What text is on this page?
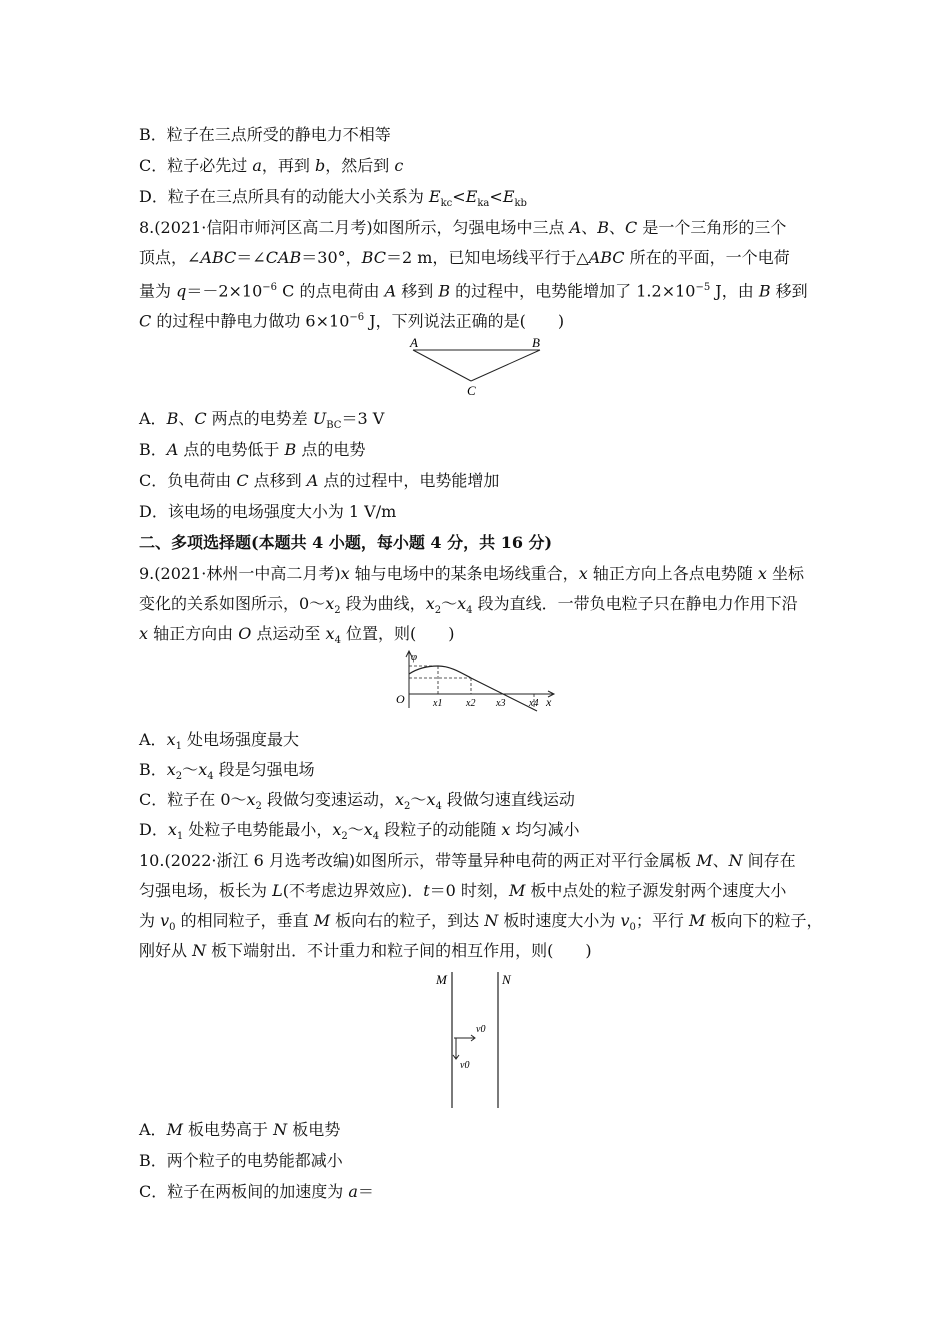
B．粒子在三点所受的静电力不相等
C．粒子必先过 a，再到 b，然后到 c
D．粒子在三点所具有的动能大小关系为 $E_{kc}<E_{ka}<E_{kb}$
8.(2021·信阳市师河区高二月考)如图所示，匀强电场中三点 A、B、C 是一个三角形的三个
顶点，∠ABC＝∠CAB＝30°，BC＝2 m，已知电场线平行于△ABC 所在的平面，一个电荷
量为 $q=-2\times 10^{-6}$ C 的点电荷由 A 移到 B 的过程中，电势能增加了 $1.2\times 10^{-5}$ J，由 B 移到
C 的过程中静电力做功 $6\times 10^{-6}$ J，下列说法正确的是(　　)
A	B
C
A．B、C 两点的电势差 $U_{BC}=3$ V
B．A 点的电势低于 B 点的电势
C．负电荷由 C 点移到 A 点的过程中，电势能增加
D．该电场的电场强度大小为 1 V/m
二、多项选择题(本题共 4 小题，每小题 4 分，共 16 分)
9.(2021·林州一中高二月考)x 轴与电场中的某条电场线重合，x 轴正方向上各点电势随 x 坐标
变化的关系如图所示，$0\sim x_2$ 段为曲线，$x_2\sim x_4$ 段为直线．一带负电粒子只在静电力作用下沿
x 轴正方向由 O 点运动至 $x_4$ 位置，则(　　)
φ
O	x1 x2 x3 x4 x
A．$x_1$ 处电场强度最大
B．$x_2\sim x_4$ 段是匀强电场
C．粒子在 $0\sim x_2$ 段做匀变速运动，$x_2\sim x_4$ 段做匀速直线运动
D．$x_1$ 处粒子电势能最小，$x_2\sim x_4$ 段粒子的动能随 x 均匀减小
10.(2022·浙江 6 月选考改编)如图所示，带等量异种电荷的两正对平行金属板 M、N 间存在
匀强电场，板长为 L(不考虑边界效应)．t＝0 时刻，M 板中点处的粒子源发射两个速度大小
为 $v_0$ 的相同粒子，垂直 M 板向右的粒子，到达 N 板时速度大小为 $v_0$；平行 M 板向下的粒子，
刚好从 N 板下端射出．不计重力和粒子间的相互作用，则(　　)
M	N
v0
v0
A．M 板电势高于 N 板电势
B．两个粒子的电势能都减小
C．粒子在两板间的加速度为 a＝
